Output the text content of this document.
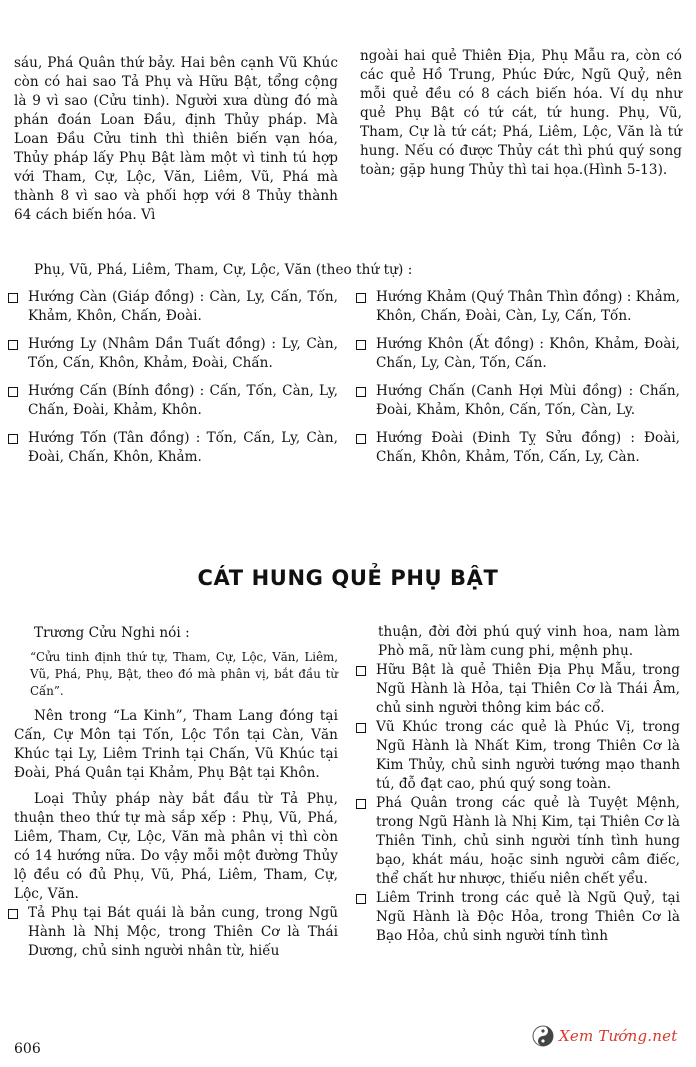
sáu, Phá Quân thứ bảy. Hai bên cạnh Vũ Khúc còn có hai sao Tả Phụ và Hữu Bật, tổng cộng là 9 vì sao (Cửu tinh). Người xưa dùng đó mà phán đoán Loan Đầu, định Thủy pháp. Mà Loan Đầu Cửu tinh thì thiên biến vạn hóa, Thủy pháp lấy Phụ Bật làm một vì tinh tú hợp với Tham, Cự, Lộc, Văn, Liêm, Vũ, Phá mà thành 8 vì sao và phối hợp với 8 Thủy thành 64 cách biến hóa. Vì

ngoài hai quẻ Thiên Địa, Phụ Mẫu ra, còn có các quẻ Hồ Trung, Phúc Đức, Ngũ Quỷ, nên mỗi quẻ đều có 8 cách biến hóa. Ví dụ như quẻ Phụ Bật có tứ cát, tứ hung. Phụ, Vũ, Tham, Cự là tứ cát; Phá, Liêm, Lộc, Văn là tứ hung. Nếu có được Thủy cát thì phú quý song toàn; gặp hung Thủy thì tai họa.(Hình 5-13).

Phụ, Vũ, Phá, Liêm, Tham, Cự, Lộc, Văn (theo thứ tự) :

Hướng Càn (Giáp đồng) : Càn, Ly, Cấn, Tốn, Khảm, Khôn, Chấn, Đoài.
Hướng Ly (Nhâm Dần Tuất đồng) : Ly, Càn, Tốn, Cấn, Khôn, Khảm, Đoài, Chấn.
Hướng Cấn (Bính đồng) : Cấn, Tốn, Càn, Ly, Chấn, Đoài, Khảm, Khôn.
Hướng Tốn (Tân đồng) : Tốn, Cấn, Ly, Càn, Đoài, Chấn, Khôn, Khảm.
Hướng Khảm (Quý Thân Thìn đồng) : Khảm, Khôn, Chấn, Đoài, Càn, Ly, Cấn, Tốn.
Hướng Khôn (Ất đồng) : Khôn, Khảm, Đoài, Chấn, Ly, Càn, Tốn, Cấn.
Hướng Chấn (Canh Hợi Mùi đồng) : Chấn, Đoài, Khảm, Khôn, Cấn, Tốn, Càn, Ly.
Hướng Đoài (Đinh Tỵ Sửu đồng) : Đoài, Chấn, Khôn, Khảm, Tốn, Cấn, Ly, Càn.
CÁT HUNG QUẺ PHỤ BẬT

Trương Cửu Nghi nói :

“Cửu tinh định thứ tự, Tham, Cự, Lộc, Văn, Liêm, Vũ, Phá, Phụ, Bật, theo đó mà phân vị, bắt đầu từ Cấn”.

Nên trong “La Kinh”, Tham Lang đóng tại Cấn, Cự Môn tại Tốn, Lộc Tồn tại Càn, Văn Khúc tại Ly, Liêm Trinh tại Chấn, Vũ Khúc tại Đoài, Phá Quân tại Khảm, Phụ Bật tại Khôn.

Loại Thủy pháp này bắt đầu từ Tả Phụ, thuận theo thứ tự mà sắp xếp : Phụ, Vũ, Phá, Liêm, Tham, Cự, Lộc, Văn mà phân vị thì còn có 14 hướng nữa. Do vậy mỗi một đường Thủy lộ đều có đủ Phụ, Vũ, Phá, Liêm, Tham, Cự, Lộc, Văn.

Tả Phụ tại Bát quái là bản cung, trong Ngũ Hành là Nhị Mộc, trong Thiên Cơ là Thái Dương, chủ sinh người nhân từ, hiếu

thuận, đời đời phú quý vinh hoa, nam làm Phò mã, nữ làm cung phi, mệnh phụ.

Hữu Bật là quẻ Thiên Địa Phụ Mẫu, trong Ngũ Hành là Hỏa, tại Thiên Cơ là Thái Âm, chủ sinh người thông kim bác cổ.
Vũ Khúc trong các quẻ là Phúc Vị, trong Ngũ Hành là Nhất Kim, trong Thiên Cơ là Kim Thủy, chủ sinh người tướng mạo thanh tú, đỗ đạt cao, phú quý song toàn.
Phá Quân trong các quẻ là Tuyệt Mệnh, trong Ngũ Hành là Nhị Kim, tại Thiên Cơ là Thiên Tinh, chủ sinh người tính tình hung bạo, khát máu, hoặc sinh người câm điếc, thể chất hư nhược, thiếu niên chết yểu.
Liêm Trinh trong các quẻ là Ngũ Quỷ, tại Ngũ Hành là Độc Hỏa, trong Thiên Cơ là Bạo Hỏa, chủ sinh người tính tình
606
Xem Tướng.net
